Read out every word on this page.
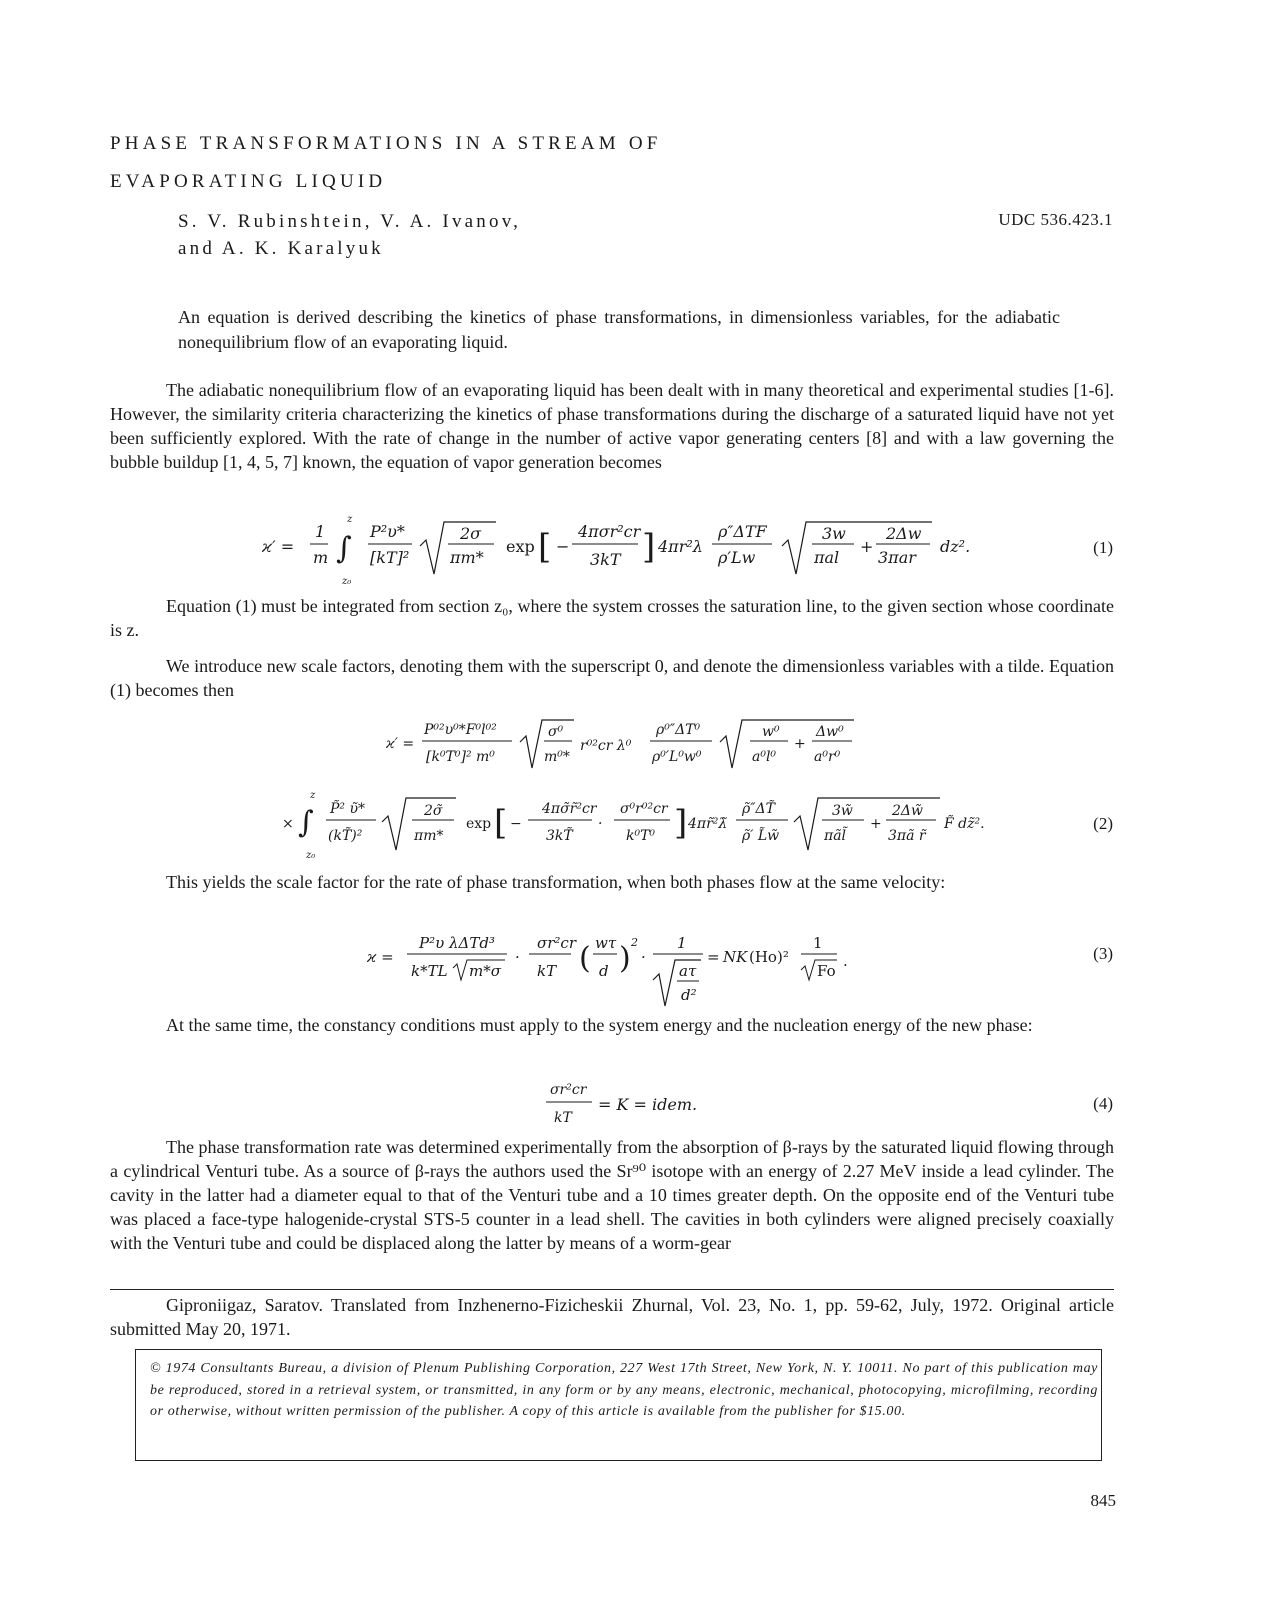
PHASE TRANSFORMATIONS IN A STREAM OF
EVAPORATING LIQUID
S. V. Rubinshtein, V. A. Ivanov,
and A. K. Karalyuk
UDC 536.423.1
An equation is derived describing the kinetics of phase transformations, in dimensionless variables, for the adiabatic nonequilibrium flow of an evaporating liquid.
The adiabatic nonequilibrium flow of an evaporating liquid has been dealt with in many theoretical and experimental studies [1-6]. However, the similarity criteria characterizing the kinetics of phase transformations during the discharge of a saturated liquid have not yet been sufficiently explored. With the rate of change in the number of active vapor generating centers [8] and with a law governing the bubble buildup [1, 4, 5, 7] known, the equation of vapor generation becomes
ϰ′ =
1
m ∫
z
z₀
P²υ*
[kT]²
2σ
πm*
exp [ −
4πσr²cr
3kT ] 4πr²λ
ρ″ΔTF
ρ′Lw
3w
πal
+
2Δw
3πar
dz².	(1)
Equation (1) must be integrated from section z₀, where the system crosses the saturation line, to the given section whose coordinate is z.
We introduce new scale factors, denoting them with the superscript 0, and denote the dimensionless variables with a tilde. Equation (1) becomes then
ϰ′ =
P⁰²υ⁰*F⁰l⁰²
[k⁰T⁰]² m⁰
σ⁰
m⁰*
r⁰²cr λ⁰
ρ⁰″ΔT⁰
ρ⁰′L⁰w⁰
w⁰
a⁰l⁰
+
Δw⁰
a⁰r⁰
× ∫
z
z₀
P̃² υ̃*
(kT̃)²
2σ̃
πm*
exp [ −
4πσ̃r̃²cr
3kT̃
·
σ⁰r⁰²cr
k⁰T⁰ ] 4πr̃²λ̃
ρ̃″ΔT̃
ρ̃′ L̃w̃
3w̃
πãl̃
+
2Δw̃
3πã r̃
F̃ dz̃².	(2)
This yields the scale factor for the rate of phase transformation, when both phases flow at the same velocity:
ϰ =
P²υ λΔTd³
k*TL m*σ
·
σr²cr
kT ( wτ
d ) 2
·
1
aτ
d²
= NK (Ho)²
1
Fo
.	(3)
At the same time, the constancy conditions must apply to the system energy and the nucleation energy of the new phase:
σr²cr
kT
= K = idem.	(4)
The phase transformation rate was determined experimentally from the absorption of β-rays by the saturated liquid flowing through a cylindrical Venturi tube. As a source of β-rays the authors used the Sr⁹⁰ isotope with an energy of 2.27 MeV inside a lead cylinder. The cavity in the latter had a diameter equal to that of the Venturi tube and a 10 times greater depth. On the opposite end of the Venturi tube was placed a face-type halogenide-crystal STS-5 counter in a lead shell. The cavities in both cylinders were aligned precisely coaxially with the Venturi tube and could be displaced along the latter by means of a worm-gear
Giproniigaz, Saratov. Translated from Inzhenerno-Fizicheskii Zhurnal, Vol. 23, No. 1, pp. 59-62, July, 1972. Original article submitted May 20, 1971.
© 1974 Consultants Bureau, a division of Plenum Publishing Corporation, 227 West 17th Street, New York, N. Y. 10011. No part of this publication may be reproduced, stored in a retrieval system, or transmitted, in any form or by any means, electronic, mechanical, photocopying, microfilming, recording or otherwise, without written permission of the publisher. A copy of this article is available from the publisher for $15.00.
845
